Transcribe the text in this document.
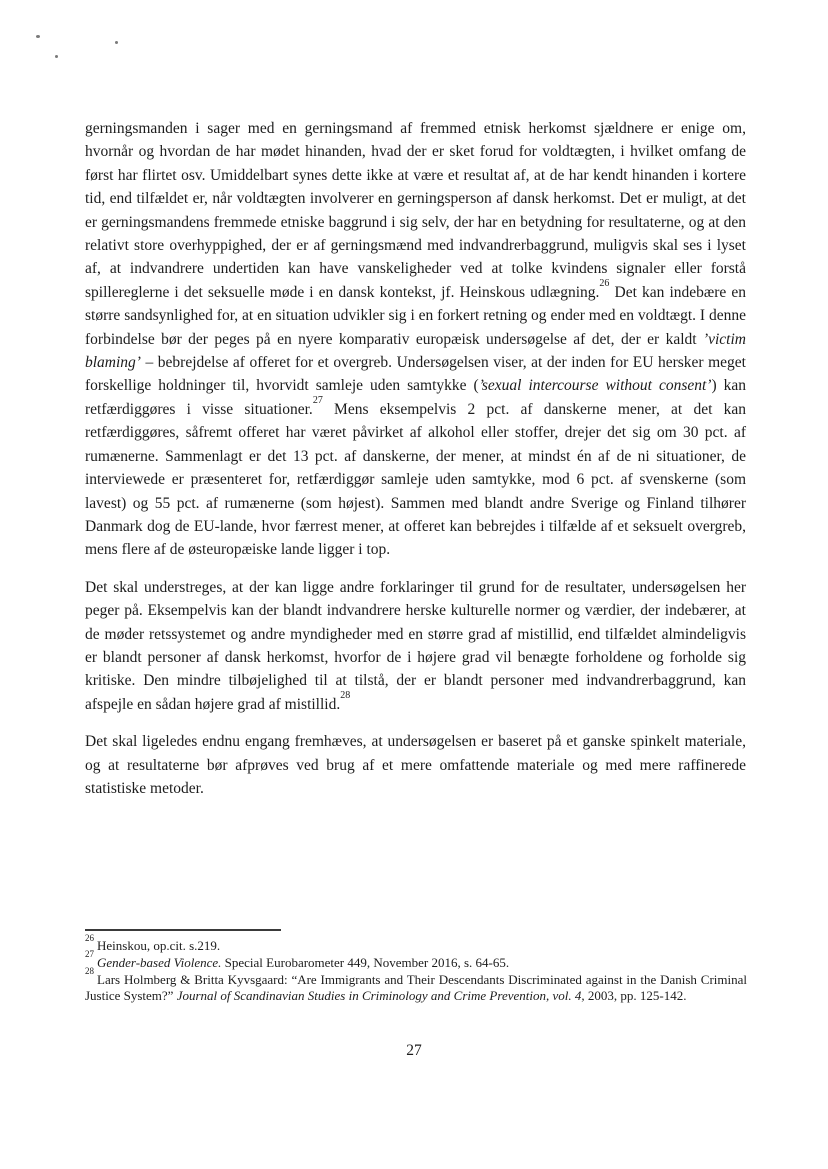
gerningsmanden i sager med en gerningsmand af fremmed etnisk herkomst sjældnere er enige om, hvornår og hvordan de har mødet hinanden, hvad der er sket forud for voldtægten, i hvilket omfang de først har flirtet osv. Umiddelbart synes dette ikke at være et resultat af, at de har kendt hinanden i kortere tid, end tilfældet er, når voldtægten involverer en gerningsperson af dansk herkomst. Det er muligt, at det er gerningsmandens fremmede etniske baggrund i sig selv, der har en betydning for resultaterne, og at den relativt store overhyppighed, der er af gerningsmænd med indvandrerbaggrund, muligvis skal ses i lyset af, at indvandrere undertiden kan have vanskeligheder ved at tolke kvindens signaler eller forstå spillereglerne i det seksuelle møde i en dansk kontekst, jf. Heinskous udlægning.$^{26}$ Det kan indebære en større sandsynlighed for, at en situation udvikler sig i en forkert retning og ender med en voldtægt. I denne forbindelse bør der peges på en nyere komparativ europæisk undersøgelse af det, der er kaldt ’victim blaming’ – bebrejdelse af offeret for et overgreb. Undersøgelsen viser, at der inden for EU hersker meget forskellige holdninger til, hvorvidt samleje uden samtykke (’sexual intercourse without consent’) kan retfærdiggøres i visse situationer.$^{27}$ Mens eksempelvis 2 pct. af danskerne mener, at det kan retfærdiggøres, såfremt offeret har været påvirket af alkohol eller stoffer, drejer det sig om 30 pct. af rumænerne. Sammenlagt er det 13 pct. af danskerne, der mener, at mindst én af de ni situationer, de interviewede er præsenteret for, retfærdiggør samleje uden samtykke, mod 6 pct. af svenskerne (som lavest) og 55 pct. af rumænerne (som højest). Sammen med blandt andre Sverige og Finland tilhører Danmark dog de EU-lande, hvor færrest mener, at offeret kan bebrejdes i tilfælde af et seksuelt overgreb, mens flere af de østeuropæiske lande ligger i top.

Det skal understreges, at der kan ligge andre forklaringer til grund for de resultater, undersøgelsen her peger på. Eksempelvis kan der blandt indvandrere herske kulturelle normer og værdier, der indebærer, at de møder retssystemet og andre myndigheder med en større grad af mistillid, end tilfældet almindeligvis er blandt personer af dansk herkomst, hvorfor de i højere grad vil benægte forholdene og forholde sig kritiske. Den mindre tilbøjelighed til at tilstå, der er blandt personer med indvandrerbaggrund, kan afspejle en sådan højere grad af mistillid.$^{28}$

Det skal ligeledes endnu engang fremhæves, at undersøgelsen er baseret på et ganske spinkelt materiale, og at resultaterne bør afprøves ved brug af et mere omfattende materiale og med mere raffinerede statistiske metoder.

$^{26}$Heinskou, op.cit. s.219.
$^{27}$Gender-based Violence. Special Eurobarometer 449, November 2016, s. 64-65.
$^{28}$Lars Holmberg & Britta Kyvsgaard: “Are Immigrants and Their Descendants Discriminated against in the Danish Criminal Justice System?” Journal of Scandinavian Studies in Criminology and Crime Prevention, vol. 4, 2003, pp. 125-142.
27
